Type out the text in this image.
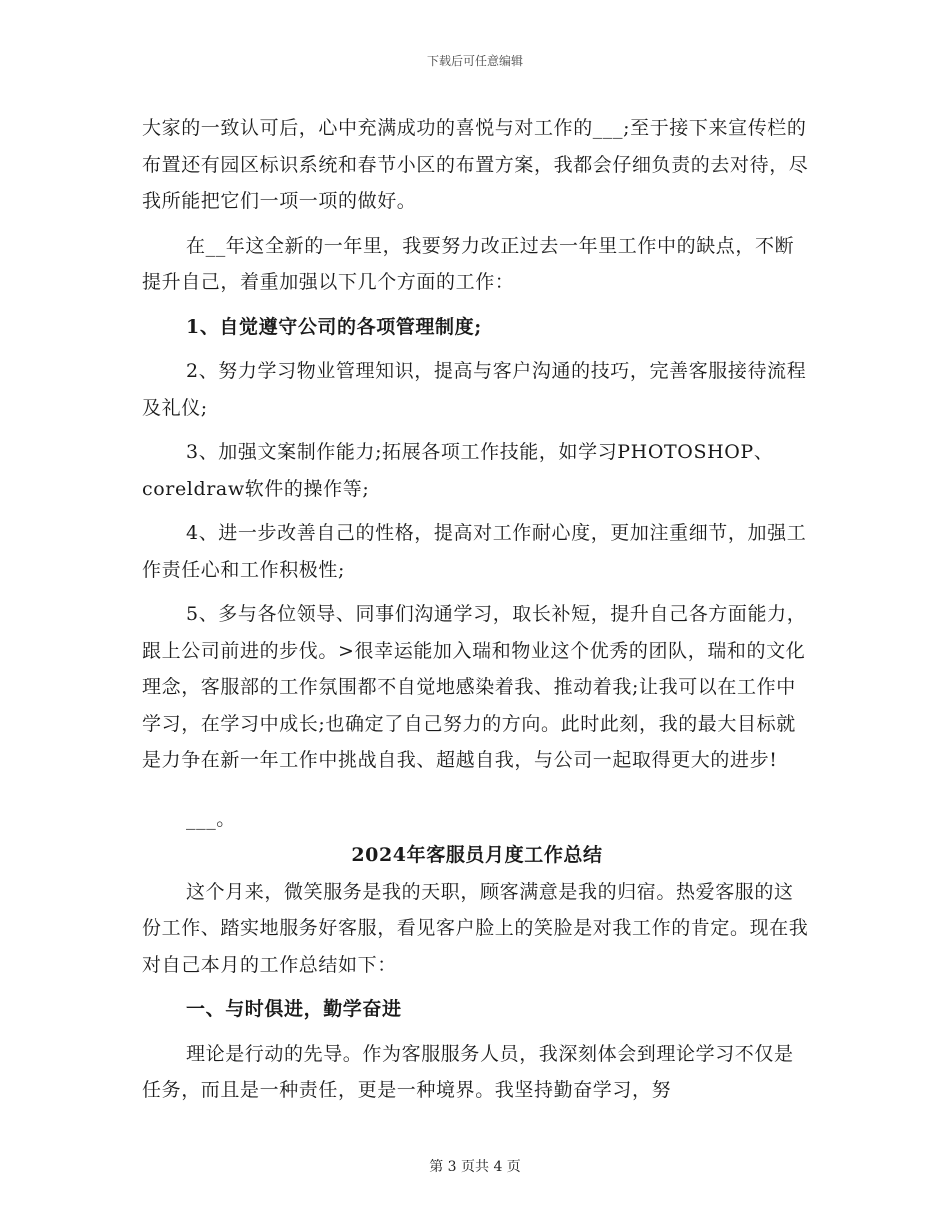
下载后可任意编辑

大家的一致认可后，心中充满成功的喜悦与对工作的___;至于接下来宣传栏的布置还有园区标识系统和春节小区的布置方案，我都会仔细负责的去对待，尽我所能把它们一项一项的做好。

在__年这全新的一年里，我要努力改正过去一年里工作中的缺点，不断提升自己，着重加强以下几个方面的工作：

1、自觉遵守公司的各项管理制度;

2、努力学习物业管理知识，提高与客户沟通的技巧，完善客服接待流程及礼仪;

3、加强文案制作能力;拓展各项工作技能，如学习PHOTOSHOP、coreldraw软件的操作等;

4、进一步改善自己的性格，提高对工作耐心度，更加注重细节，加强工作责任心和工作积极性;

5、多与各位领导、同事们沟通学习，取长补短，提升自己各方面能力，跟上公司前进的步伐。>很幸运能加入瑞和物业这个优秀的团队，瑞和的文化理念，客服部的工作氛围都不自觉地感染着我、推动着我;让我可以在工作中学习，在学习中成长;也确定了自己努力的方向。此时此刻，我的最大目标就是力争在新一年工作中挑战自我、超越自我，与公司一起取得更大的进步!

___。

2024年客服员月度工作总结

这个月来，微笑服务是我的天职，顾客满意是我的归宿。热爱客服的这份工作、踏实地服务好客服，看见客户脸上的笑脸是对我工作的肯定。现在我对自己本月的工作总结如下：

一、与时俱进，勤学奋进

理论是行动的先导。作为客服服务人员，我深刻体会到理论学习不仅是任务，而且是一种责任，更是一种境界。我坚持勤奋学习，努

第 3 页共 4 页
